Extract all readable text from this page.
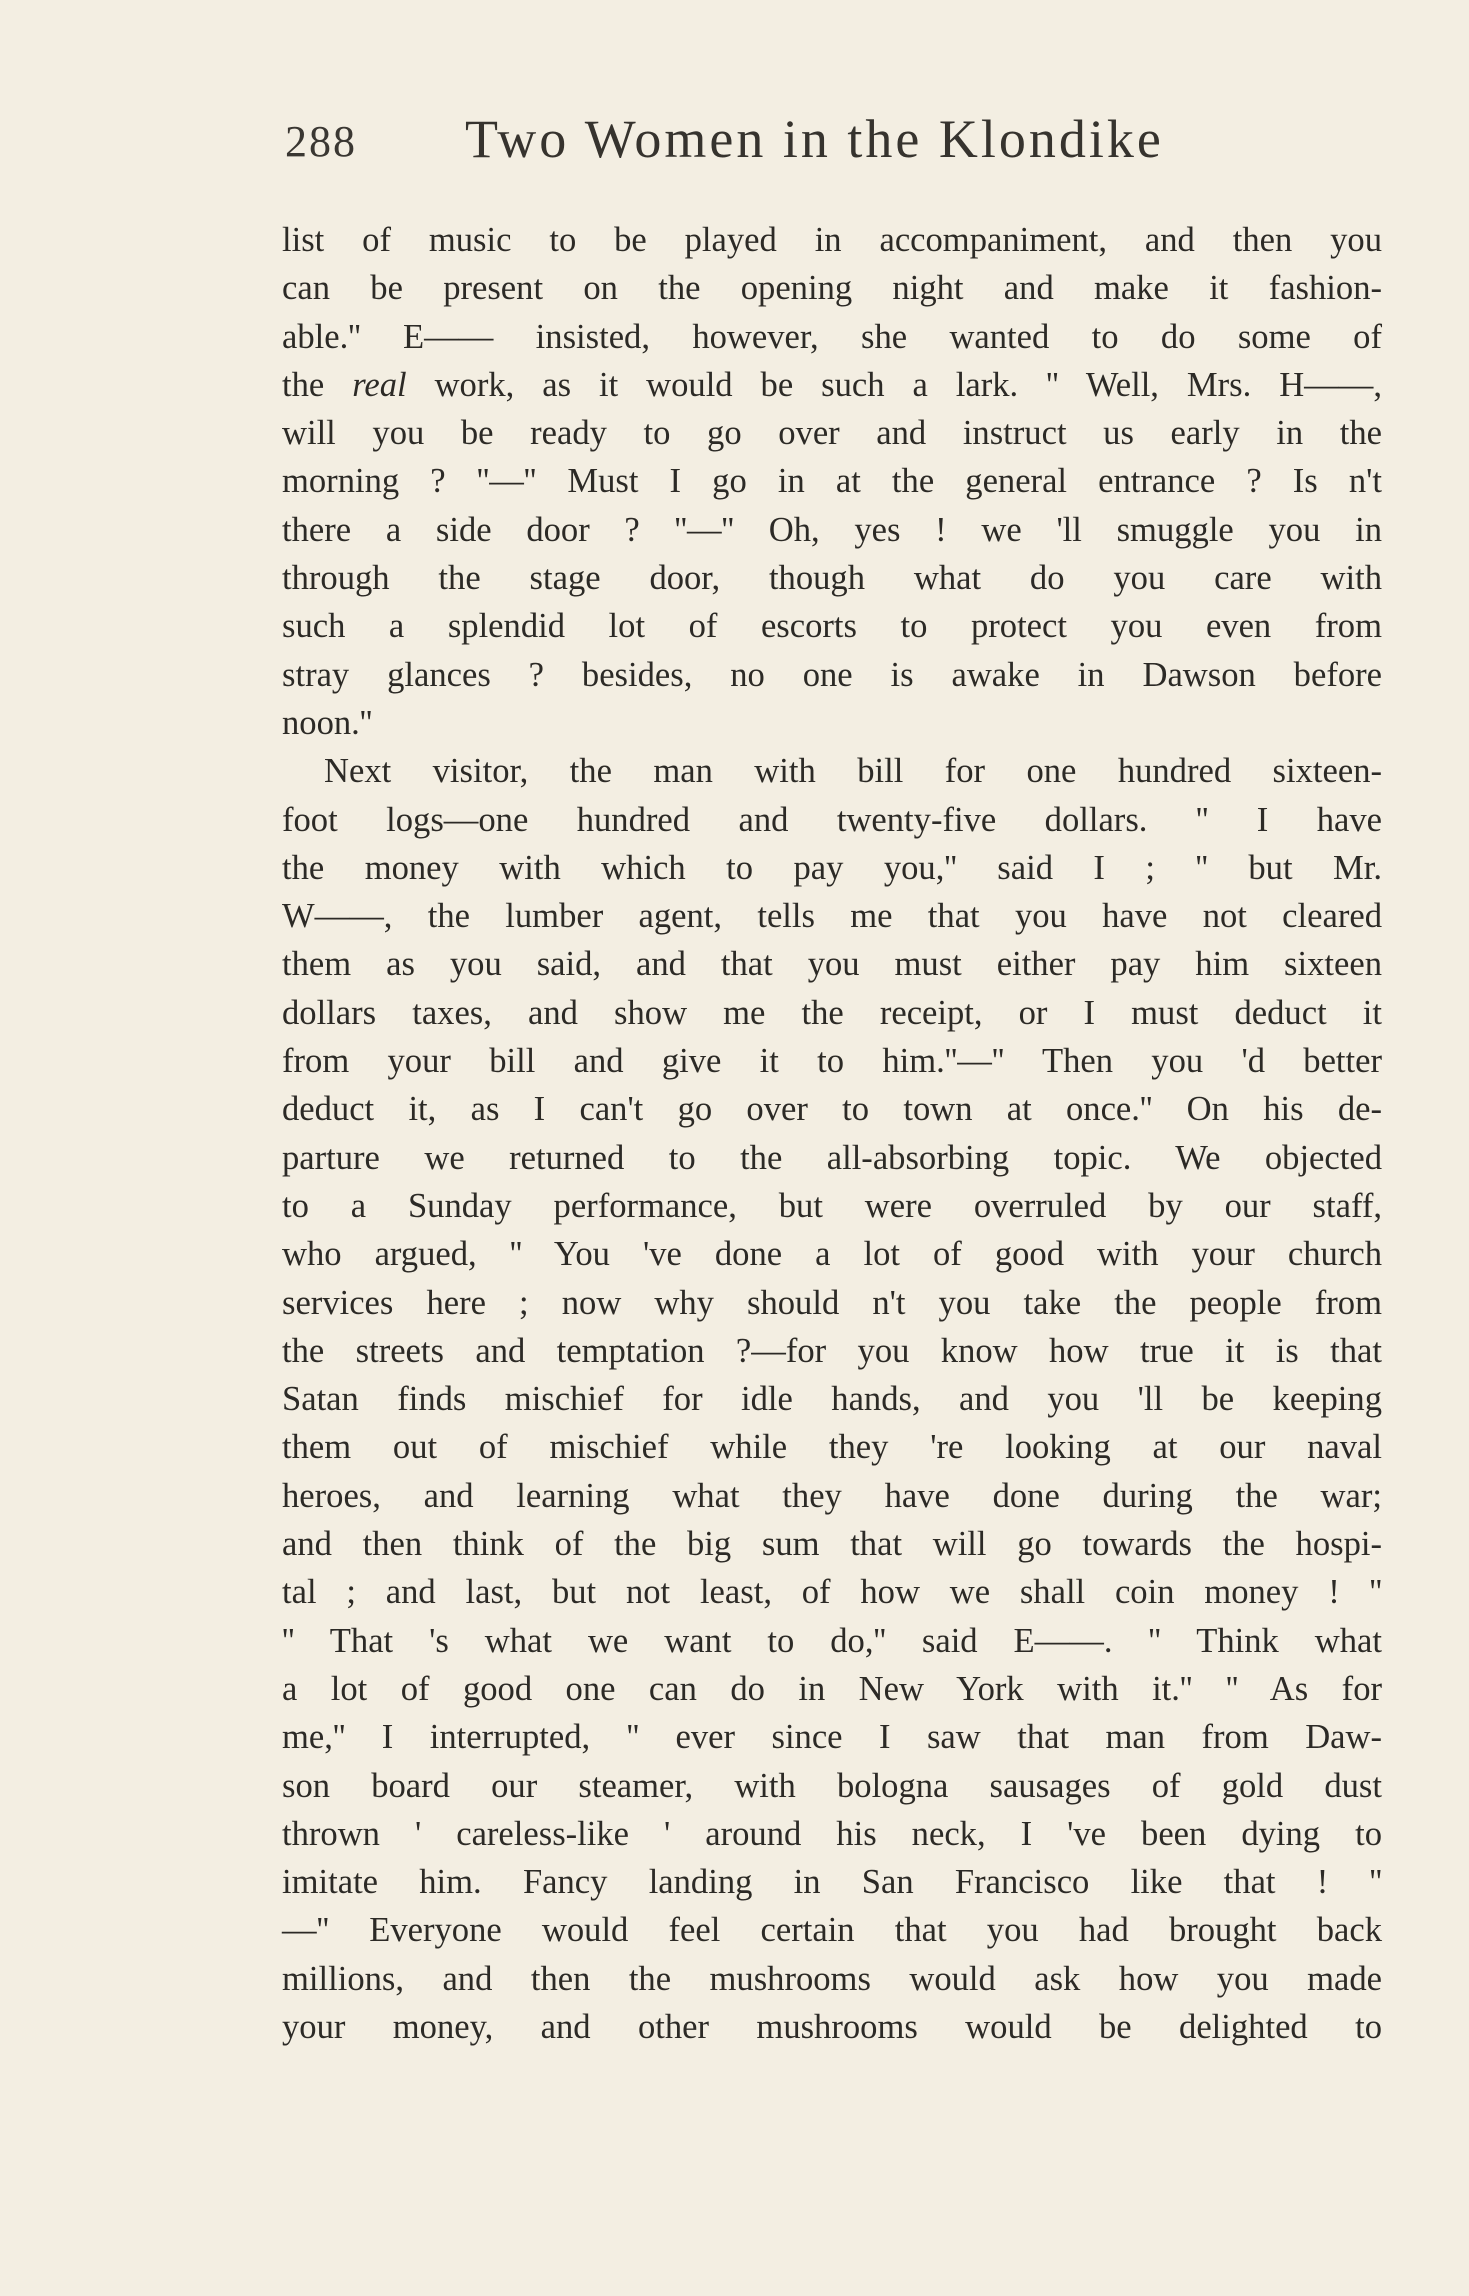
288 Two Women in the Klondike
list of music to be played in accompaniment, and then you
can be present on the opening night and make it fashion-
able.'' E—— insisted, however, she wanted to do some of
the real work, as it would be such a lark. '' Well, Mrs. H——,
will you be ready to go over and instruct us early in the
morning ? ''—'' Must I go in at the general entrance ? Is n't
there a side door ? ''—'' Oh, yes ! we 'll smuggle you in
through the stage door, though what do you care with
such a splendid lot of escorts to protect you even from
stray glances ? besides, no one is awake in Dawson before
noon.''
Next visitor, the man with bill for one hundred sixteen-
foot logs—one hundred and twenty-five dollars. '' I have
the money with which to pay you,'' said I ; '' but Mr.
W——, the lumber agent, tells me that you have not cleared
them as you said, and that you must either pay him sixteen
dollars taxes, and show me the receipt, or I must deduct it
from your bill and give it to him.''—'' Then you 'd better
deduct it, as I can't go over to town at once.'' On his de-
parture we returned to the all-absorbing topic. We objected
to a Sunday performance, but were overruled by our staff,
who argued, '' You 've done a lot of good with your church
services here ; now why should n't you take the people from
the streets and temptation ?—for you know how true it is that
Satan finds mischief for idle hands, and you 'll be keeping
them out of mischief while they 're looking at our naval
heroes, and learning what they have done during the war;
and then think of the big sum that will go towards the hospi-
tal ; and last, but not least, of how we shall coin money ! ''
'' That 's what we want to do,'' said E——. '' Think what
a lot of good one can do in New York with it.'' '' As for
me,'' I interrupted, '' ever since I saw that man from Daw-
son board our steamer, with bologna sausages of gold dust
thrown ' careless-like ' around his neck, I 've been dying to
imitate him. Fancy landing in San Francisco like that ! ''
—'' Everyone would feel certain that you had brought back
millions, and then the mushrooms would ask how you made
your money, and other mushrooms would be delighted to
